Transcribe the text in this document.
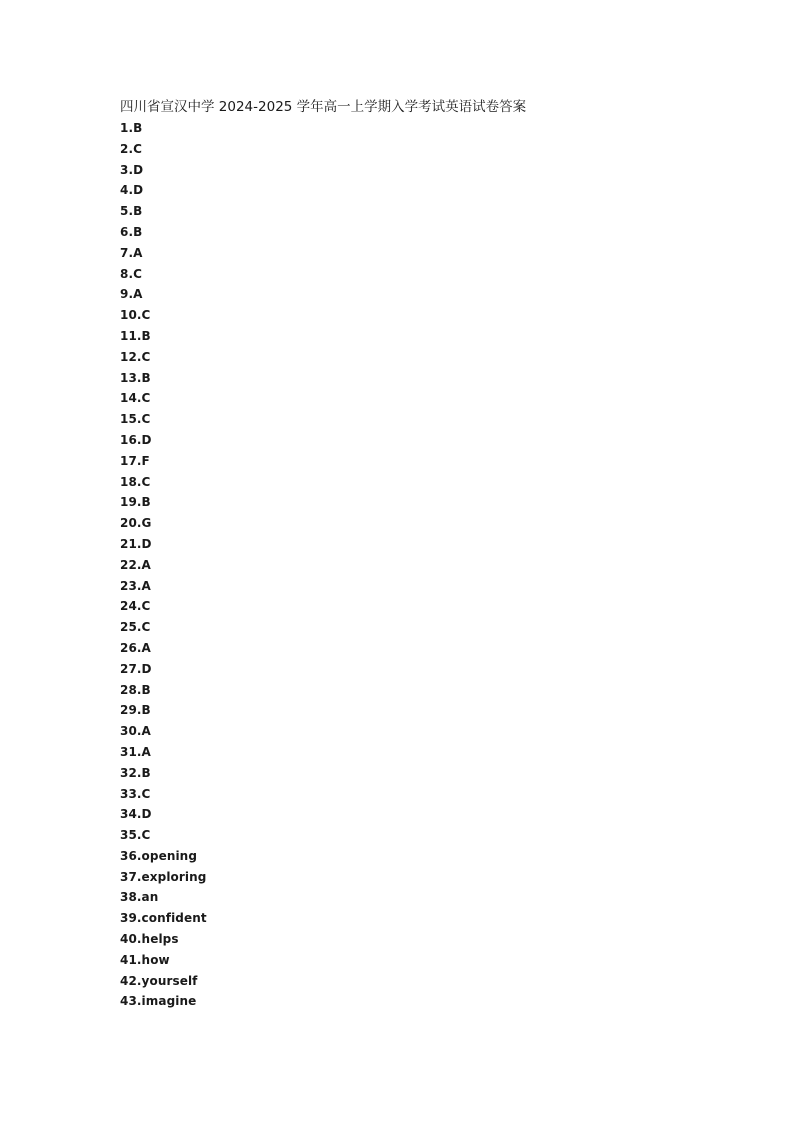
四川省宣汉中学 2024-2025 学年高一上学期入学考试英语试卷答案
1.B
2.C
3.D
4.D
5.B
6.B
7.A
8.C
9.A
10.C
11.B
12.C
13.B
14.C
15.C
16.D
17.F
18.C
19.B
20.G
21.D
22.A
23.A
24.C
25.C
26.A
27.D
28.B
29.B
30.A
31.A
32.B
33.C
34.D
35.C
36.opening
37.exploring
38.an
39.confident
40.helps
41.how
42.yourself
43.imagine
